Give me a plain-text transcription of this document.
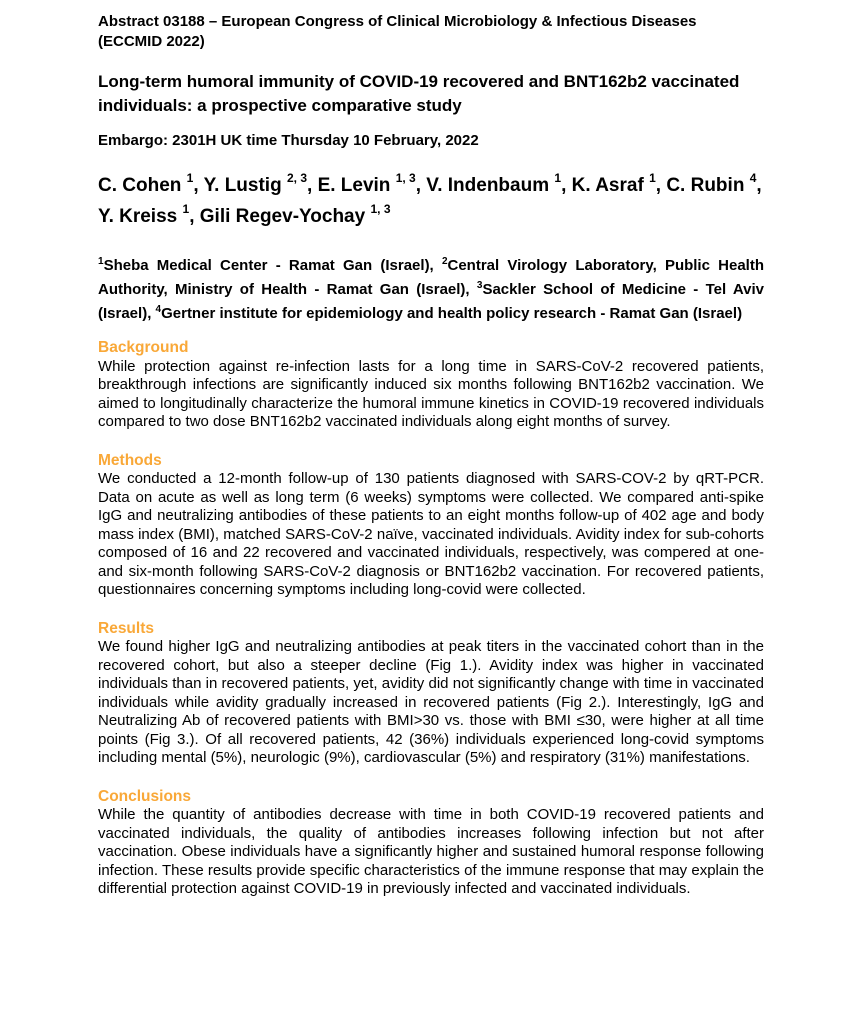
Abstract 03188 – European Congress of Clinical Microbiology & Infectious Diseases (ECCMID 2022)

Long-term humoral immunity of COVID-19 recovered and BNT162b2 vaccinated individuals: a prospective comparative study

Embargo: 2301H UK time Thursday 10 February, 2022

C. Cohen $^1$, Y. Lustig $^{2, 3}$, E. Levin $^{1, 3}$, V. Indenbaum $^1$, K. Asraf $^1$, C. Rubin $^4$, Y. Kreiss $^1$, Gili Regev-Yochay $^{1, 3}$

$^1$Sheba Medical Center - Ramat Gan (Israel), $^2$Central Virology Laboratory, Public Health Authority, Ministry of Health - Ramat Gan (Israel), $^3$Sackler School of Medicine - Tel Aviv (Israel), $^4$Gertner institute for epidemiology and health policy research - Ramat Gan (Israel)

Background

While protection against re-infection lasts for a long time in SARS-CoV-2 recovered patients, breakthrough infections are significantly induced six months following BNT162b2 vaccination. We aimed to longitudinally characterize the humoral immune kinetics in COVID-19 recovered individuals compared to two dose BNT162b2 vaccinated individuals along eight months of survey.

Methods

We conducted a 12-month follow-up of 130 patients diagnosed with SARS-COV-2 by qRT-PCR. Data on acute as well as long term (6 weeks) symptoms were collected. We compared anti-spike IgG and neutralizing antibodies of these patients to an eight months follow-up of 402 age and body mass index (BMI), matched SARS-CoV-2 naïve, vaccinated individuals. Avidity index for sub-cohorts composed of 16 and 22 recovered and vaccinated individuals, respectively, was compered at one- and six-month following SARS-CoV-2 diagnosis or BNT162b2 vaccination. For recovered patients, questionnaires concerning symptoms including long-covid were collected.

Results

We found higher IgG and neutralizing antibodies at peak titers in the vaccinated cohort than in the recovered cohort, but also a steeper decline (Fig 1.). Avidity index was higher in vaccinated individuals than in recovered patients, yet, avidity did not significantly change with time in vaccinated individuals while avidity gradually increased in recovered patients (Fig 2.). Interestingly, IgG and Neutralizing Ab of recovered patients with BMI>30 vs. those with BMI ≤30, were higher at all time points (Fig 3.). Of all recovered patients, 42 (36%) individuals experienced long-covid symptoms including mental (5%), neurologic (9%), cardiovascular (5%) and respiratory (31%) manifestations.

Conclusions

While the quantity of antibodies decrease with time in both COVID-19 recovered patients and vaccinated individuals, the quality of antibodies increases following infection but not after vaccination. Obese individuals have a significantly higher and sustained humoral response following infection. These results provide specific characteristics of the immune response that may explain the differential protection against COVID-19 in previously infected and vaccinated individuals.
